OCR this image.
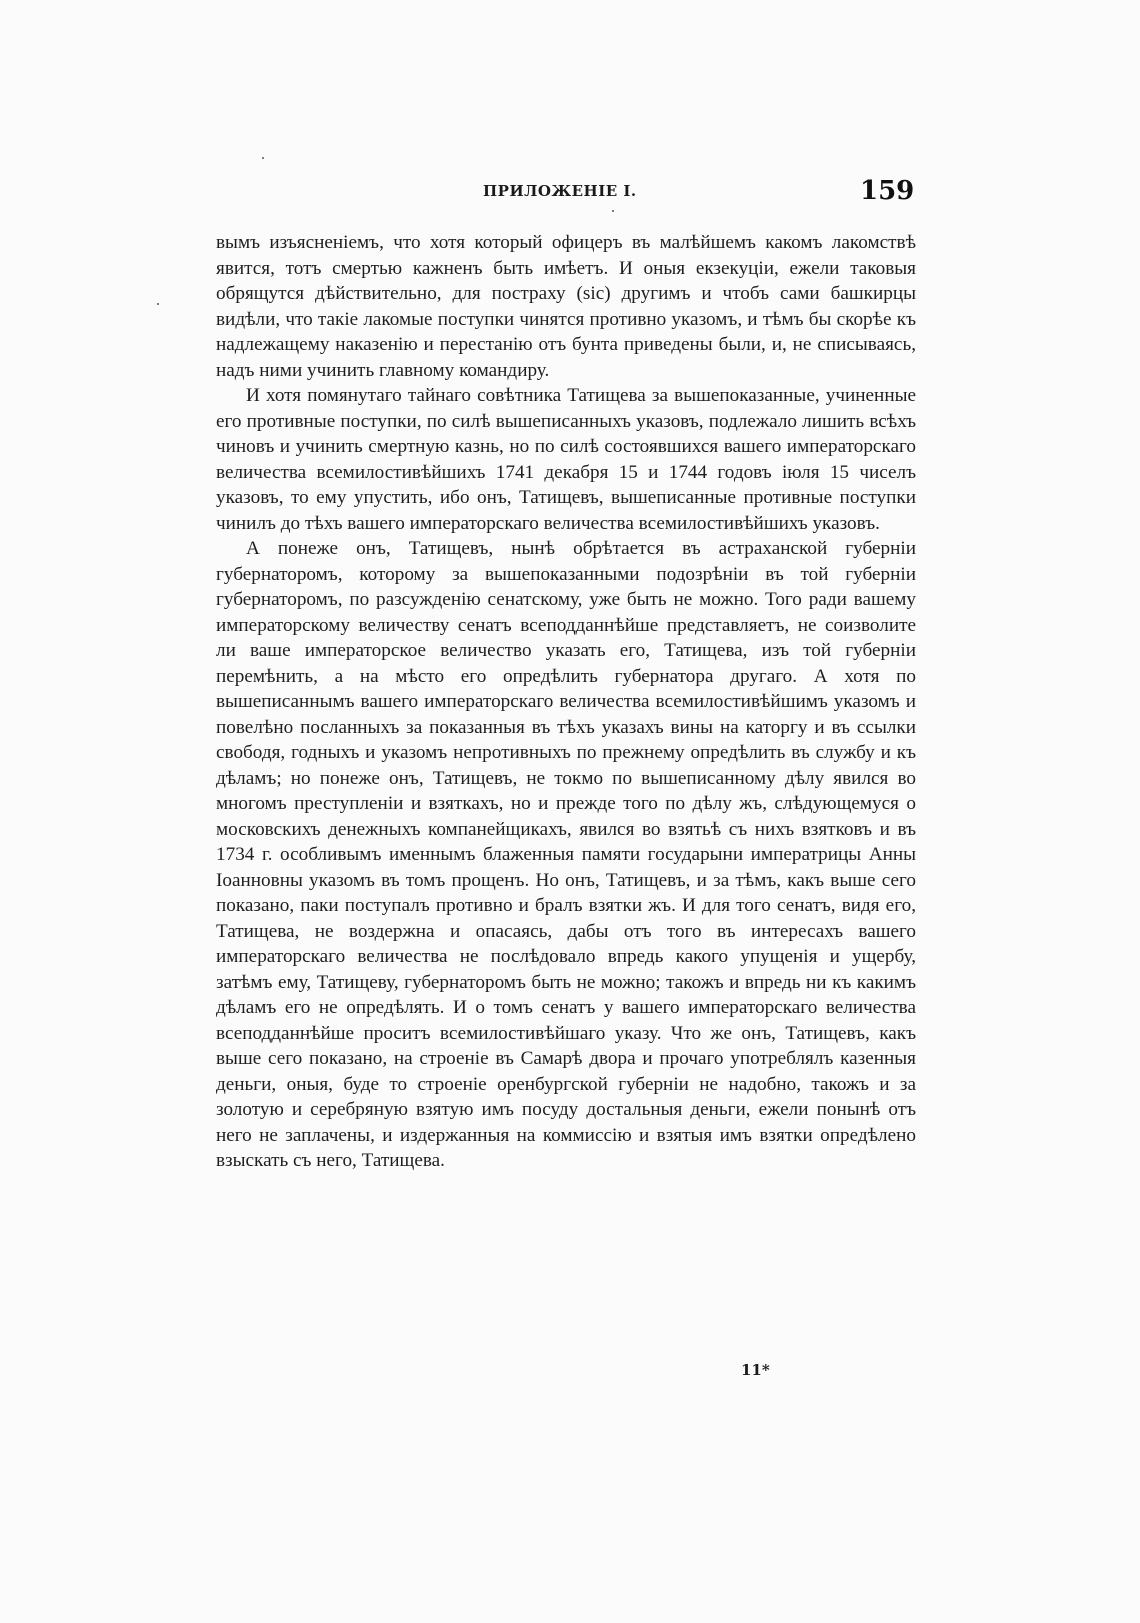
ПРИЛОЖЕНІЕ I.	159

вымъ изъясненіемъ, что хотя который офицеръ въ малѣйшемъ какомъ лакомствѣ явится, тотъ смертью кажненъ быть имѣетъ. И оныя екзекуціи, ежели таковыя обрящутся дѣйствительно, для пострaху (sic) другимъ и чтобъ сами башкирцы видѣли, что такіе лакомые поступки чинятся противно указомъ, и тѣмъ бы скорѣе къ надлежащему наказенію и перестанію отъ бунта приведены были, и, не списываясь, надъ ними учинить главному командиру.

И хотя помянутаго тайнаго совѣтника Татищева за вышепоказанные, учиненные его противные поступки, по силѣ вышеписанныхъ указовъ, подлежало лишить всѣхъ чиновъ и учинить смертную казнь, но по силѣ состоявшихся вашего императорскаго величества всемилостивѣйшихъ 1741 декабря 15 и 1744 годовъ іюля 15 чиселъ указовъ, то ему упустить, ибо онъ, Татищевъ, вышеписанные противные поступки чинилъ до тѣхъ вашего императорскаго величества всемилостивѣйшихъ указовъ.

А понеже онъ, Татищевъ, нынѣ обрѣтается въ астраханской губерніи губернаторомъ, которому за вышепоказанными подозрѣніи въ той губерніи губернаторомъ, по разсужденію сенатскому, уже быть не можно. Того ради вашему императорскому величеству сенатъ всеподданнѣйше представляетъ, не соизволите ли ваше императорское величество указать его, Татищева, изъ той губерніи перемѣнить, а на мѣсто его опредѣлить губернатора другаго. А хотя по вышеписаннымъ вашего императорскаго величества всемилостивѣйшимъ указомъ и повелѣно посланныхъ за показанныя въ тѣхъ указахъ вины на каторгу и въ ссылки свободя, годныхъ и указомъ непротивныхъ по прежнему опредѣлить въ службу и къ дѣламъ; но понеже онъ, Татищевъ, не токмо по вышеписанному дѣлу явился во многомъ преступленіи и взяткахъ, но и прежде того по дѣлу жъ, слѣдующемуся о московскихъ денежныхъ компанейщикахъ, явился во взятьѣ съ нихъ взятковъ и въ 1734 г. особливымъ именнымъ блаженныя памяти государыни императрицы Анны Іоанновны указомъ въ томъ прощенъ. Но онъ, Татищевъ, и за тѣмъ, какъ выше сего показано, паки поступалъ противно и бралъ взятки жъ. И для того сенатъ, видя его, Татищева, не воздержна и опасаясь, дабы отъ того въ интересахъ вашего императорскаго величества не послѣдовало впредь какого упущенія и ущербу, затѣмъ ему, Татищеву, губернаторомъ быть не можно; такожъ и впредь ни къ какимъ дѣламъ его не опредѣлять. И о томъ сенатъ у вашего императорскаго величества всеподданнѣйше проситъ всемилостивѣйшаго указу. Что же онъ, Татищевъ, какъ выше сего показано, на строеніе въ Самарѣ двора и прочаго употреблялъ казенныя деньги, оныя, буде то строеніе оренбургской губерніи не надобно, такожъ и за золотую и серебряную взятую имъ посуду достальныя деньги, ежели понынѣ отъ него не заплачены, и издержанныя на коммиссію и взятыя имъ взятки опредѣлено взыскать съ него, Татищева.

11*
